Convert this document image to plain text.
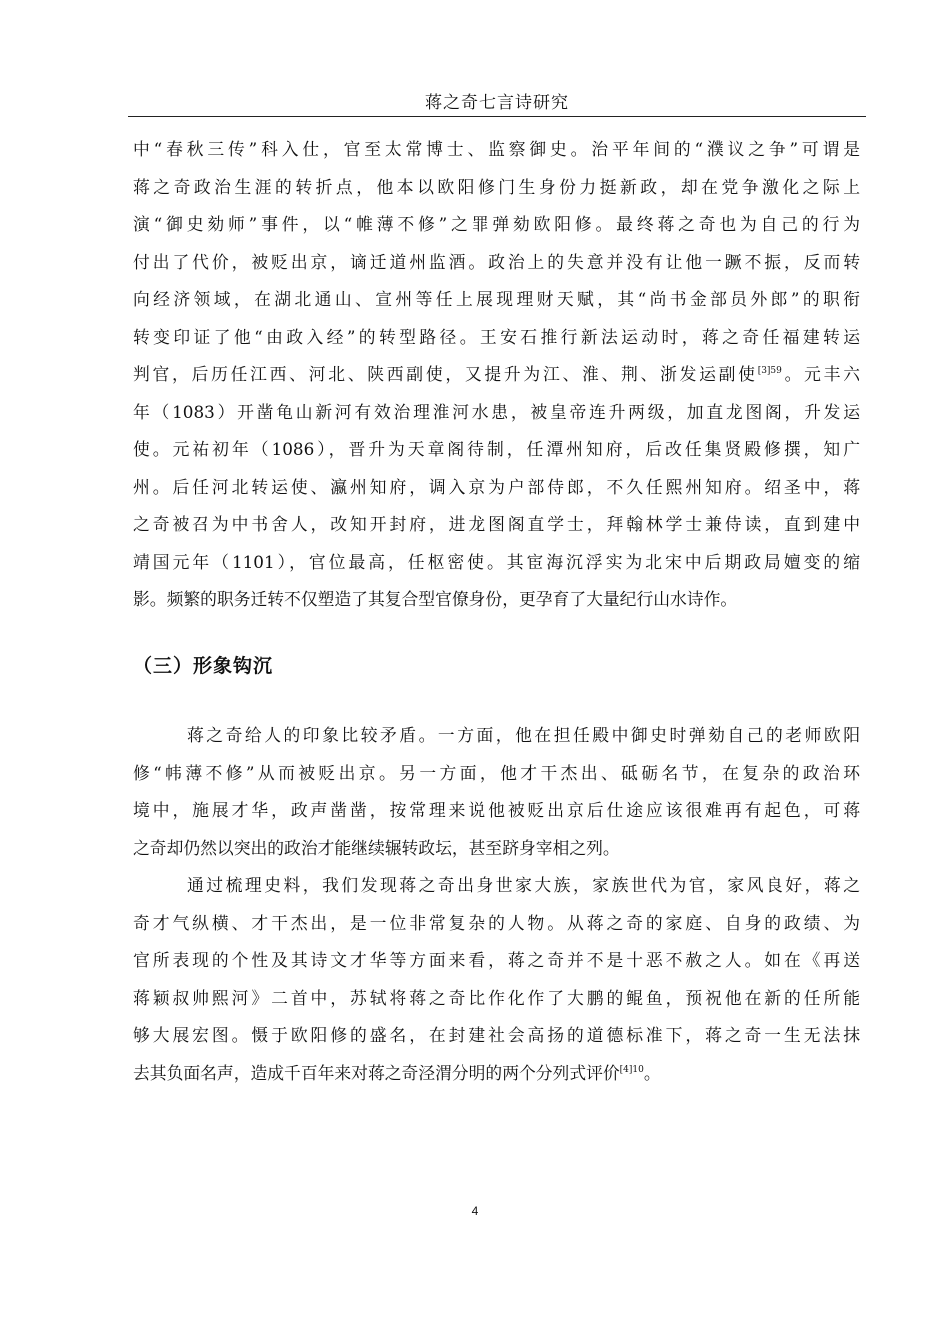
蒋之奇七言诗研究
中“春秋三传”科入仕，官至太常博士、监察御史。治平年间的“濮议之争”可谓是
蒋之奇政治生涯的转折点，他本以欧阳修门生身份力挺新政，却在党争激化之际上
演“御史劾师”事件，以“帷薄不修”之罪弹劾欧阳修。最终蒋之奇也为自己的行为
付出了代价，被贬出京，谪迁道州监酒。政治上的失意并没有让他一蹶不振，反而转
向经济领域，在湖北通山、宣州等任上展现理财天赋，其“尚书金部员外郎”的职衔
转变印证了他“由政入经”的转型路径。王安石推行新法运动时，蒋之奇任福建转运
判官，后历任江西、河北、陕西副使，又提升为江、淮、荆、浙发运副使$^{[3]59}$。元丰六
年（1083）开凿龟山新河有效治理淮河水患，被皇帝连升两级，加直龙图阁，升发运
使。元祐初年（1086），晋升为天章阁待制，任潭州知府，后改任集贤殿修撰，知广
州。后任河北转运使、瀛州知府，调入京为户部侍郎，不久任熙州知府。绍圣中，蒋
之奇被召为中书舍人，改知开封府，进龙图阁直学士，拜翰林学士兼侍读，直到建中
靖国元年（1101），官位最高，任枢密使。其宦海沉浮实为北宋中后期政局嬗变的缩
影。频繁的职务迁转不仅塑造了其复合型官僚身份，更孕育了大量纪行山水诗作。
（三）形象钩沉
蒋之奇给人的印象比较矛盾。一方面，他在担任殿中御史时弹劾自己的老师欧阳
修“帏薄不修”从而被贬出京。另一方面，他才干杰出、砥砺名节，在复杂的政治环
境中，施展才华，政声凿凿，按常理来说他被贬出京后仕途应该很难再有起色，可蒋
之奇却仍然以突出的政治才能继续辗转政坛，甚至跻身宰相之列。
通过梳理史料，我们发现蒋之奇出身世家大族，家族世代为官，家风良好，蒋之
奇才气纵横、才干杰出，是一位非常复杂的人物。从蒋之奇的家庭、自身的政绩、为
官所表现的个性及其诗文才华等方面来看，蒋之奇并不是十恶不赦之人。如在《再送
蒋颖叔帅熙河》二首中，苏轼将蒋之奇比作化作了大鹏的鲲鱼，预祝他在新的任所能
够大展宏图。慑于欧阳修的盛名，在封建社会高扬的道德标准下，蒋之奇一生无法抹
去其负面名声，造成千百年来对蒋之奇泾渭分明的两个分列式评价$^{[4]10}$。
4
